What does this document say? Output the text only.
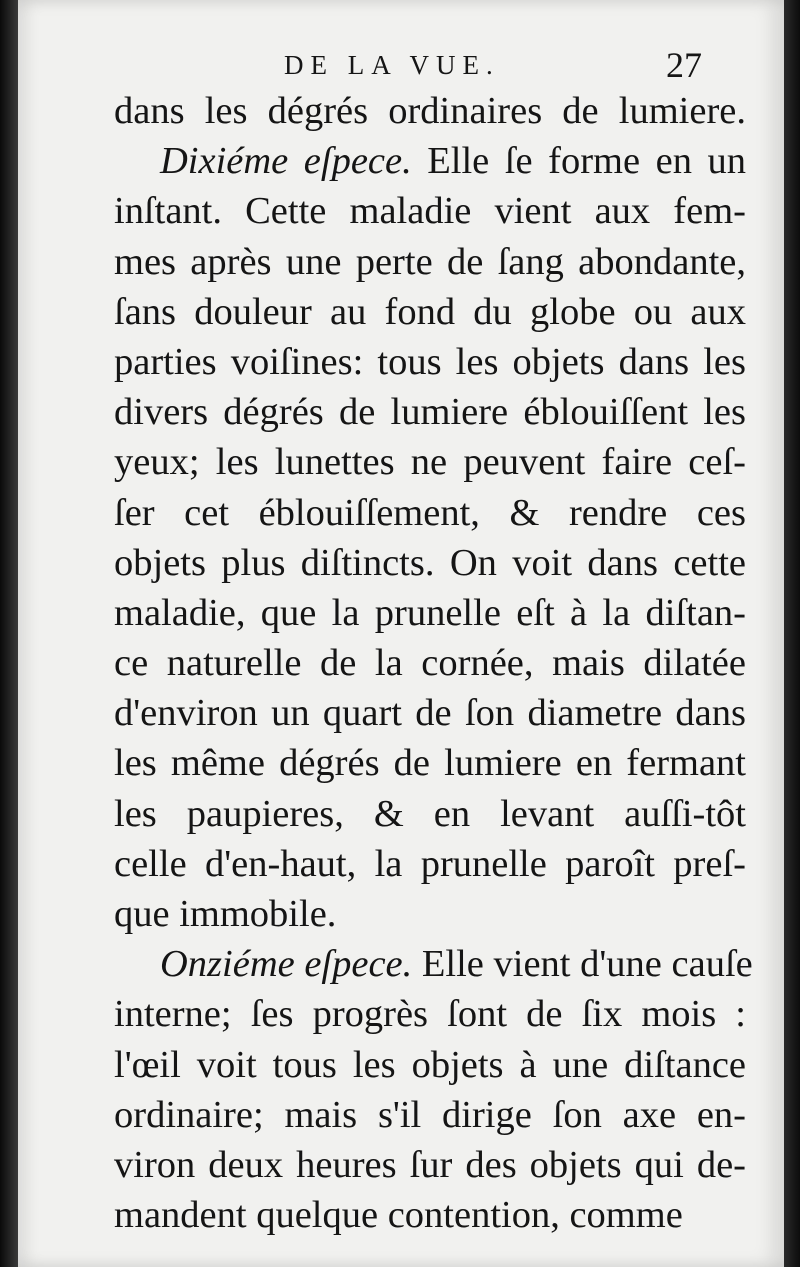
DE LA VUE.	27
dans les dégrés ordinaires de lumiere.
Dixiéme eſpece. Elle ſe forme en un
inſtant. Cette maladie vient aux fem-
mes après une perte de ſang abondante,
ſans douleur au fond du globe ou aux
parties voiſines: tous les objets dans les
divers dégrés de lumiere éblouiſſent les
yeux; les lunettes ne peuvent faire ceſ-
ſer cet éblouiſſement, & rendre ces
objets plus diſtincts. On voit dans cette
maladie, que la prunelle eſt à la diſtan-
ce naturelle de la cornée, mais dilatée
d'environ un quart de ſon diametre dans
les même dégrés de lumiere en fermant
les paupieres, & en levant auſſi-tôt
celle d'en-haut, la prunelle paroît preſ-
que immobile.
Onziéme eſpece. Elle vient d'une cauſe
interne; ſes progrès ſont de ſix mois :
l'œil voit tous les objets à une diſtance
ordinaire; mais s'il dirige ſon axe en-
viron deux heures ſur des objets qui de-
mandent quelque contention, comme
